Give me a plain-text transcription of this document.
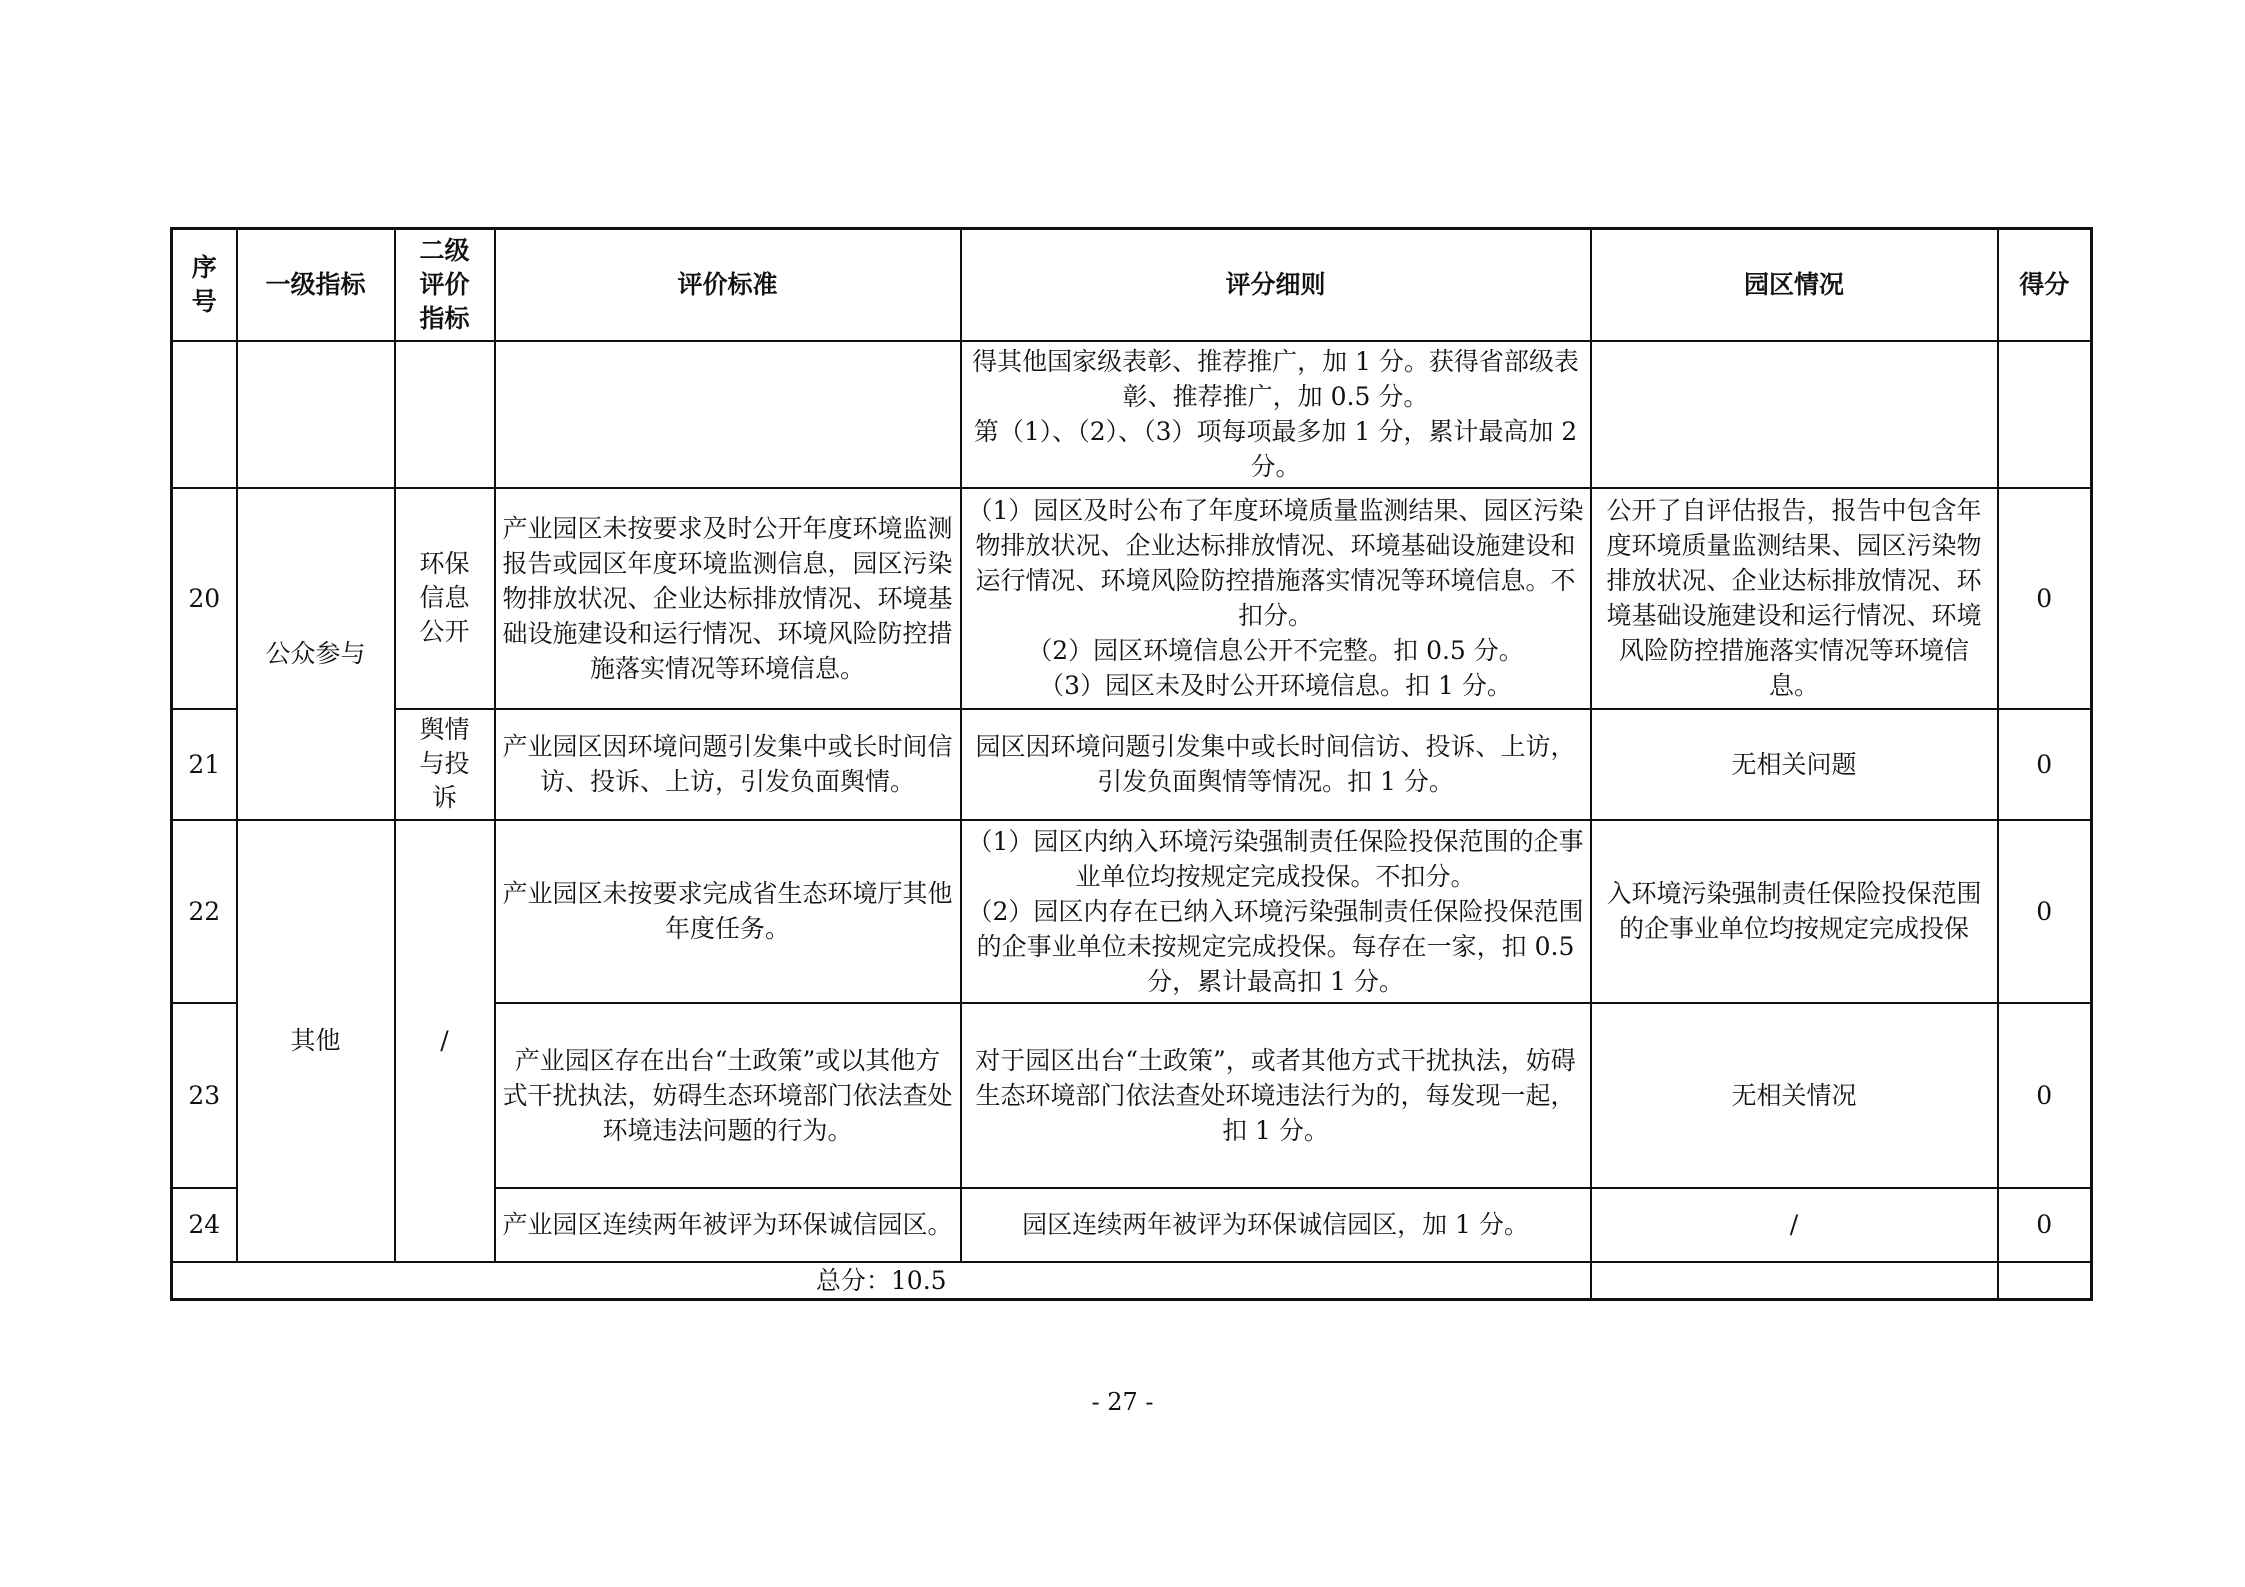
序号	一级指标	二级评价指标	评价标准	评分细则	园区情况	得分
				得其他国家级表彰、推荐推广，加 1 分。获得省部级表彰、推荐推广，加 0.5 分。
第（1）、（2）、（3）项每项最多加 1 分，累计最高加 2 分。		
20	公众参与	环保信息公开	产业园区未按要求及时公开年度环境监测报告或园区年度环境监测信息，园区污染物排放状况、企业达标排放情况、环境基础设施建设和运行情况、环境风险防控措施落实情况等环境信息。	（1）园区及时公布了年度环境质量监测结果、园区污染物排放状况、企业达标排放情况、环境基础设施建设和运行情况、环境风险防控措施落实情况等环境信息。不扣分。
（2）园区环境信息公开不完整。扣 0.5 分。
（3）园区未及时公开环境信息。扣 1 分。	公开了自评估报告，报告中包含年度环境质量监测结果、园区污染物排放状况、企业达标排放情况、环境基础设施建设和运行情况、环境风险防控措施落实情况等环境信息。	0
21		舆情与投诉	产业园区因环境问题引发集中或长时间信访、投诉、上访，引发负面舆情。	园区因环境问题引发集中或长时间信访、投诉、上访，引发负面舆情等情况。扣 1 分。	无相关问题	0
22	其他	/	产业园区未按要求完成省生态环境厅其他年度任务。	（1）园区内纳入环境污染强制责任保险投保范围的企事业单位均按规定完成投保。不扣分。
（2）园区内存在已纳入环境污染强制责任保险投保范围的企事业单位未按规定完成投保。每存在一家，扣 0.5 分，累计最高扣 1 分。	入环境污染强制责任保险投保范围的企事业单位均按规定完成投保	0
23			产业园区存在出台“土政策”或以其他方
式干扰执法，妨碍生态环境部门依法查处
环境违法问题的行为。	对于园区出台“土政策”，或者其他方式干扰执法，妨碍生态环境部门依法查处环境违法行为的，每发现一起，扣 1 分。	无相关情况	0
24			产业园区连续两年被评为环保诚信园区。	园区连续两年被评为环保诚信园区，加 1 分。	/	0
总分：10.5						
- 27 -
